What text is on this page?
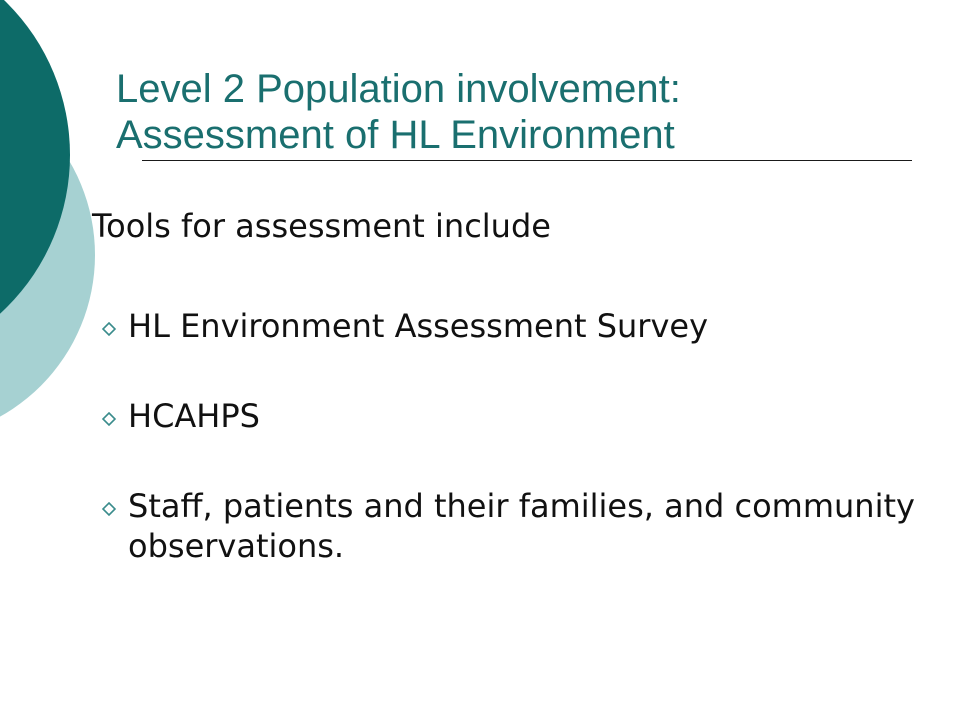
Level 2 Population involvement:
Assessment of HL Environment
Tools for assessment include
HL Environment Assessment Survey
HCAHPS
Staff, patients and their families, and community observations.
